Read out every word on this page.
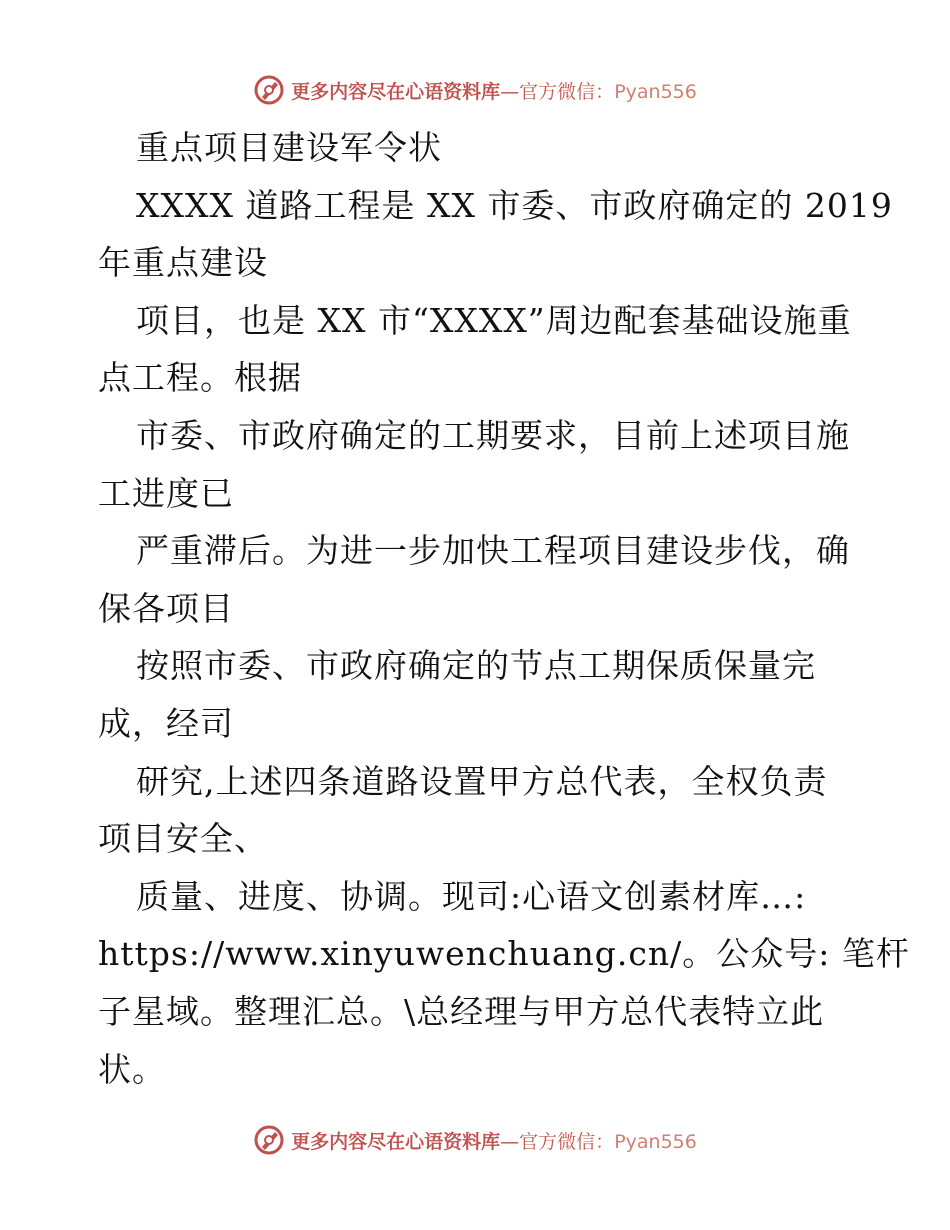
更多内容尽在心语资料库—官方微信：Pyan556

重点项目建设军令状

XXXX 道路工程是 XX 市委、市政府确定的 2019

年重点建设

项目，也是 XX 市“XXXX”周边配套基础设施重

点工程。根据

市委、市政府确定的工期要求，目前上述项目施

工进度已

严重滞后。为进一步加快工程项目建设步伐，确

保各项目

按照市委、市政府确定的节点工期保质保量完

成，经司

研究,上述四条道路设置甲方总代表，全权负责

项目安全、

质量、进度、协调。现司:心语文创素材库…:

https://www.xinyuwenchuang.cn/。公众号: 笔杆

子星域。整理汇总。\总经理与甲方总代表特立此

状。

更多内容尽在心语资料库—官方微信：Pyan556
